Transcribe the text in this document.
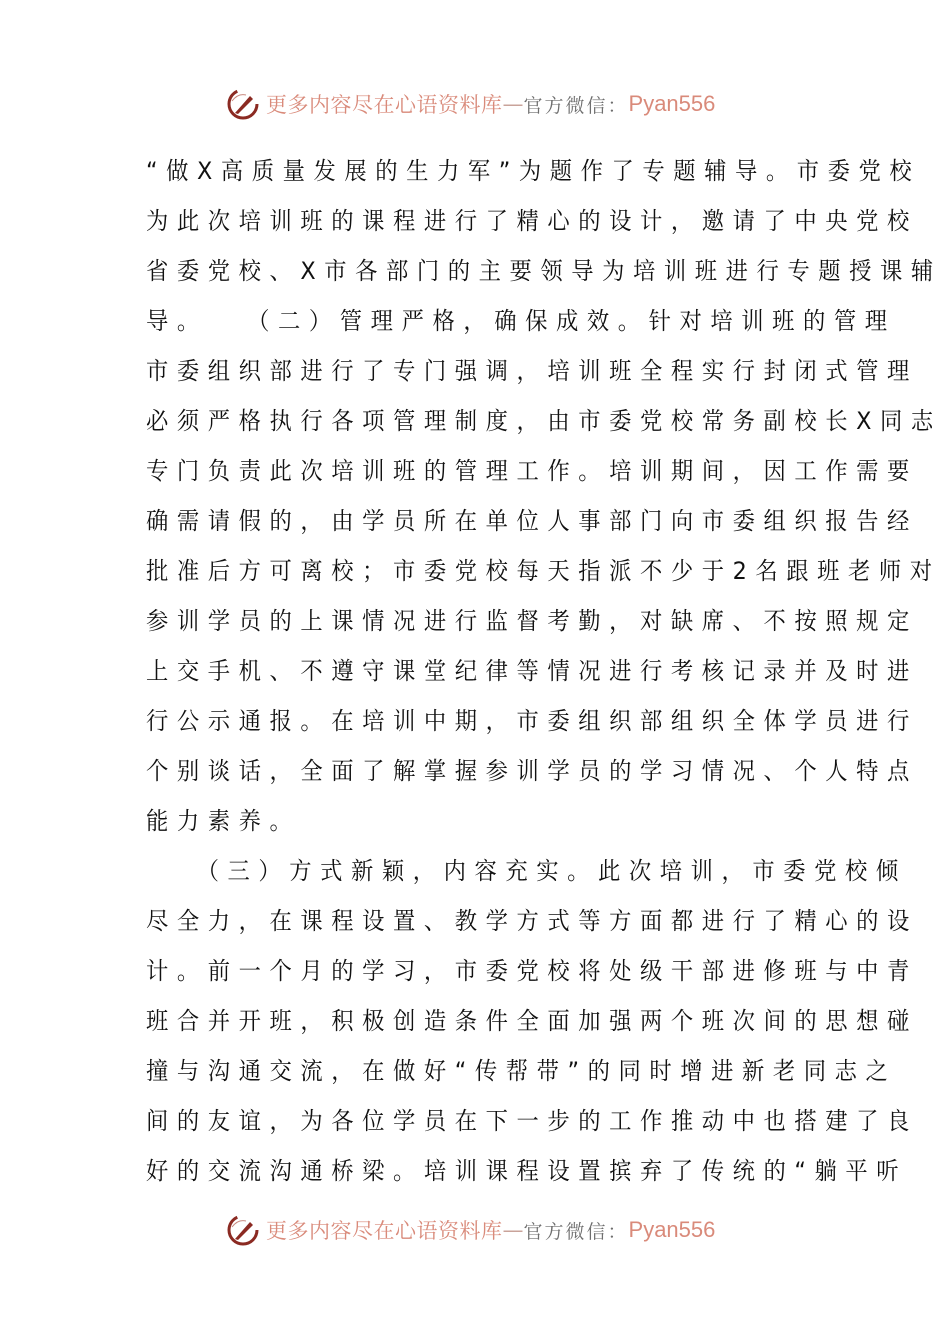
更多内容尽在心语资料库 — 官方微信： Pyan556
“做X高质量发展的生力军”为题作了专题辅导。市委党校
为此次培训班的课程进行了精心的设计，邀请了中央党校
省委党校、X市各部门的主要领导为培训班进行专题授课辅
导。　　（二）管理严格，确保成效。针对培训班的管理
市委组织部进行了专门强调，培训班全程实行封闭式管理
必须严格执行各项管理制度，由市委党校常务副校长X同志
专门负责此次培训班的管理工作。培训期间，因工作需要
确需请假的，由学员所在单位人事部门向市委组织报告经
批准后方可离校；市委党校每天指派不少于2名跟班老师对
参训学员的上课情况进行监督考勤，对缺席、不按照规定
上交手机、不遵守课堂纪律等情况进行考核记录并及时进
行公示通报。在培训中期，市委组织部组织全体学员进行
个别谈话，全面了解掌握参训学员的学习情况、个人特点
能力素养。
　　（三）方式新颖，内容充实。此次培训，市委党校倾
尽全力，在课程设置、教学方式等方面都进行了精心的设
计。前一个月的学习，市委党校将处级干部进修班与中青
班合并开班，积极创造条件全面加强两个班次间的思想碰
撞与沟通交流，在做好“传帮带”的同时增进新老同志之
间的友谊，为各位学员在下一步的工作推动中也搭建了良
好的交流沟通桥梁。培训课程设置摈弃了传统的“躺平听
更多内容尽在心语资料库 — 官方微信： Pyan556
